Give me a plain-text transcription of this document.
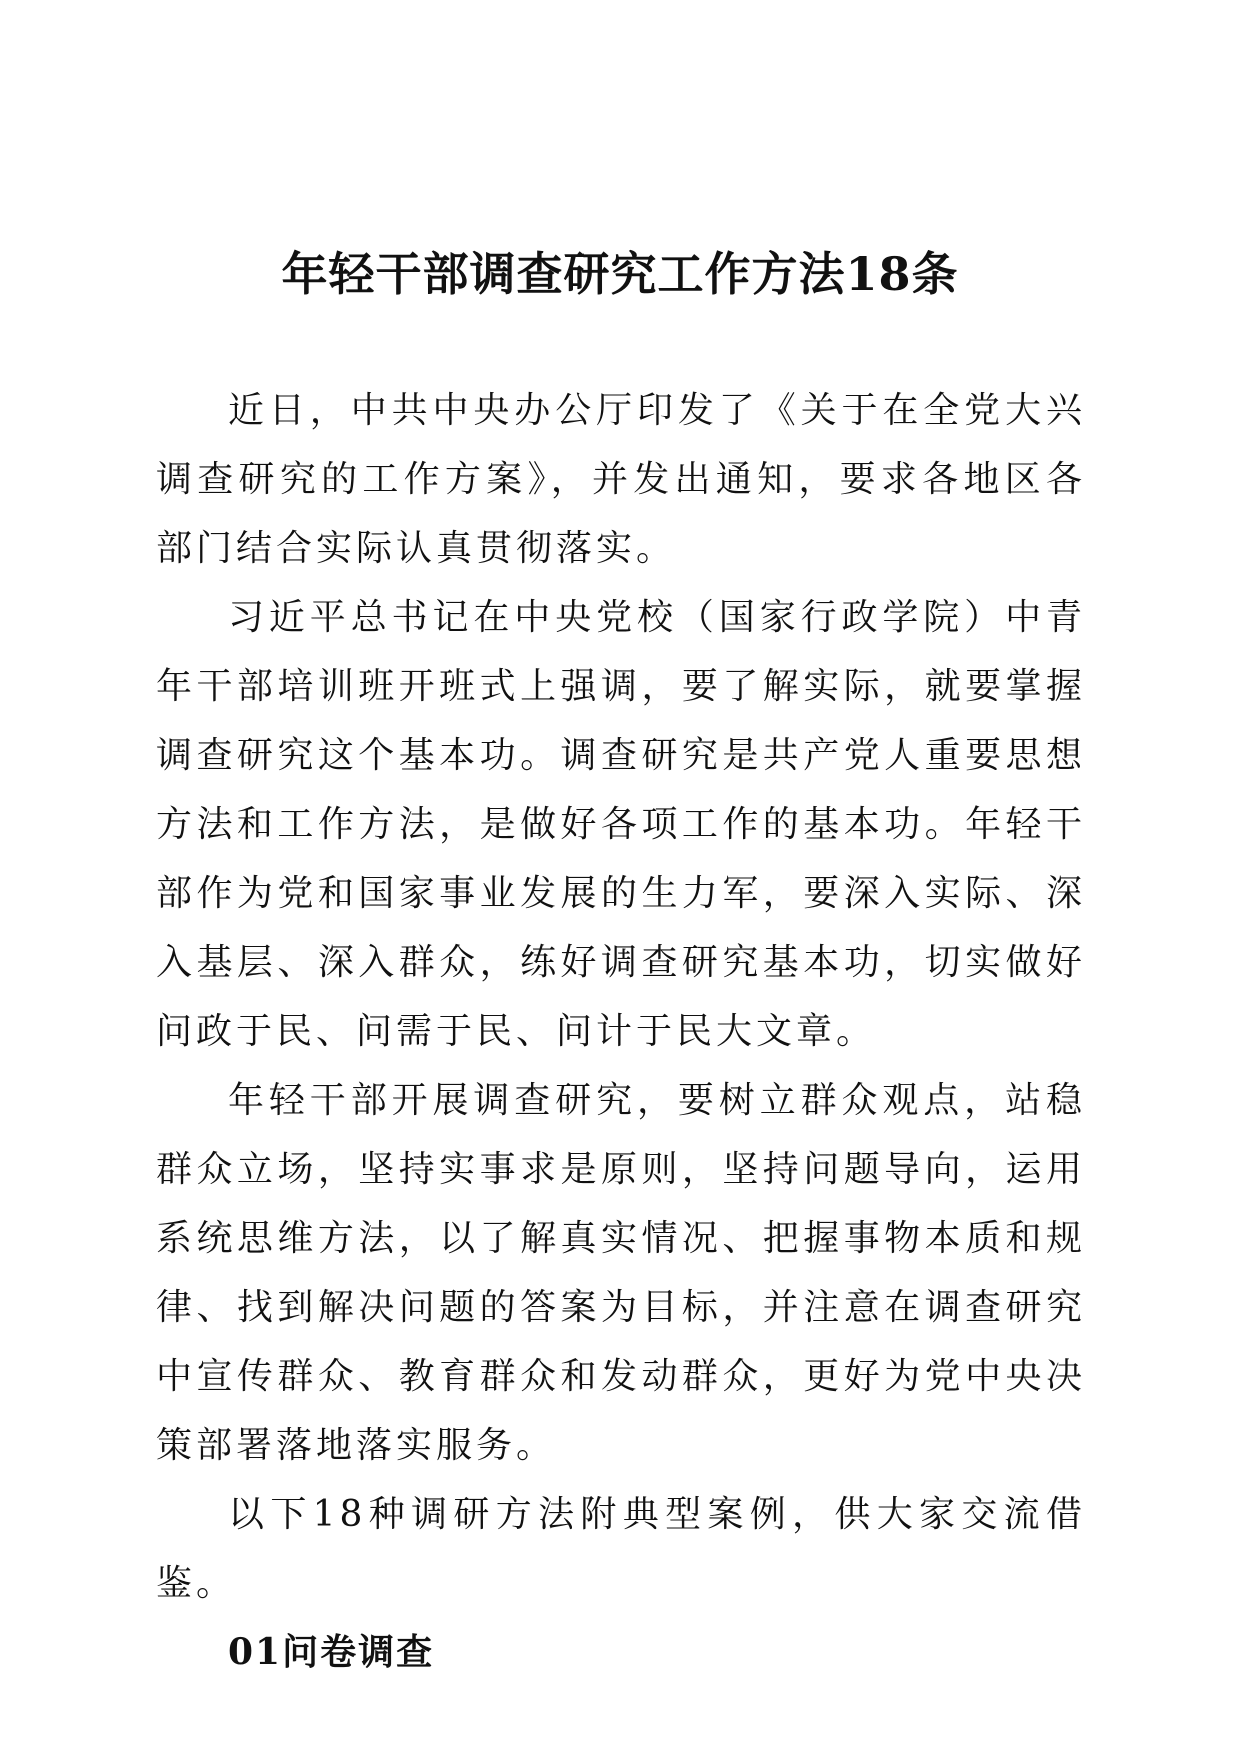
年轻干部调查研究工作方法18条

近日，中共中央办公厅印发了《关于在全党大兴调查研究的工作方案》，并发出通知，要求各地区各部门结合实际认真贯彻落实。

习近平总书记在中央党校（国家行政学院）中青年干部培训班开班式上强调，要了解实际，就要掌握调查研究这个基本功。调查研究是共产党人重要思想方法和工作方法，是做好各项工作的基本功。年轻干部作为党和国家事业发展的生力军，要深入实际、深入基层、深入群众，练好调查研究基本功，切实做好问政于民、问需于民、问计于民大文章。

年轻干部开展调查研究，要树立群众观点，站稳群众立场，坚持实事求是原则，坚持问题导向，运用系统思维方法，以了解真实情况、把握事物本质和规律、找到解决问题的答案为目标，并注意在调查研究中宣传群众、教育群众和发动群众，更好为党中央决策部署落地落实服务。

以下18种调研方法附典型案例，供大家交流借鉴。

01问卷调查
